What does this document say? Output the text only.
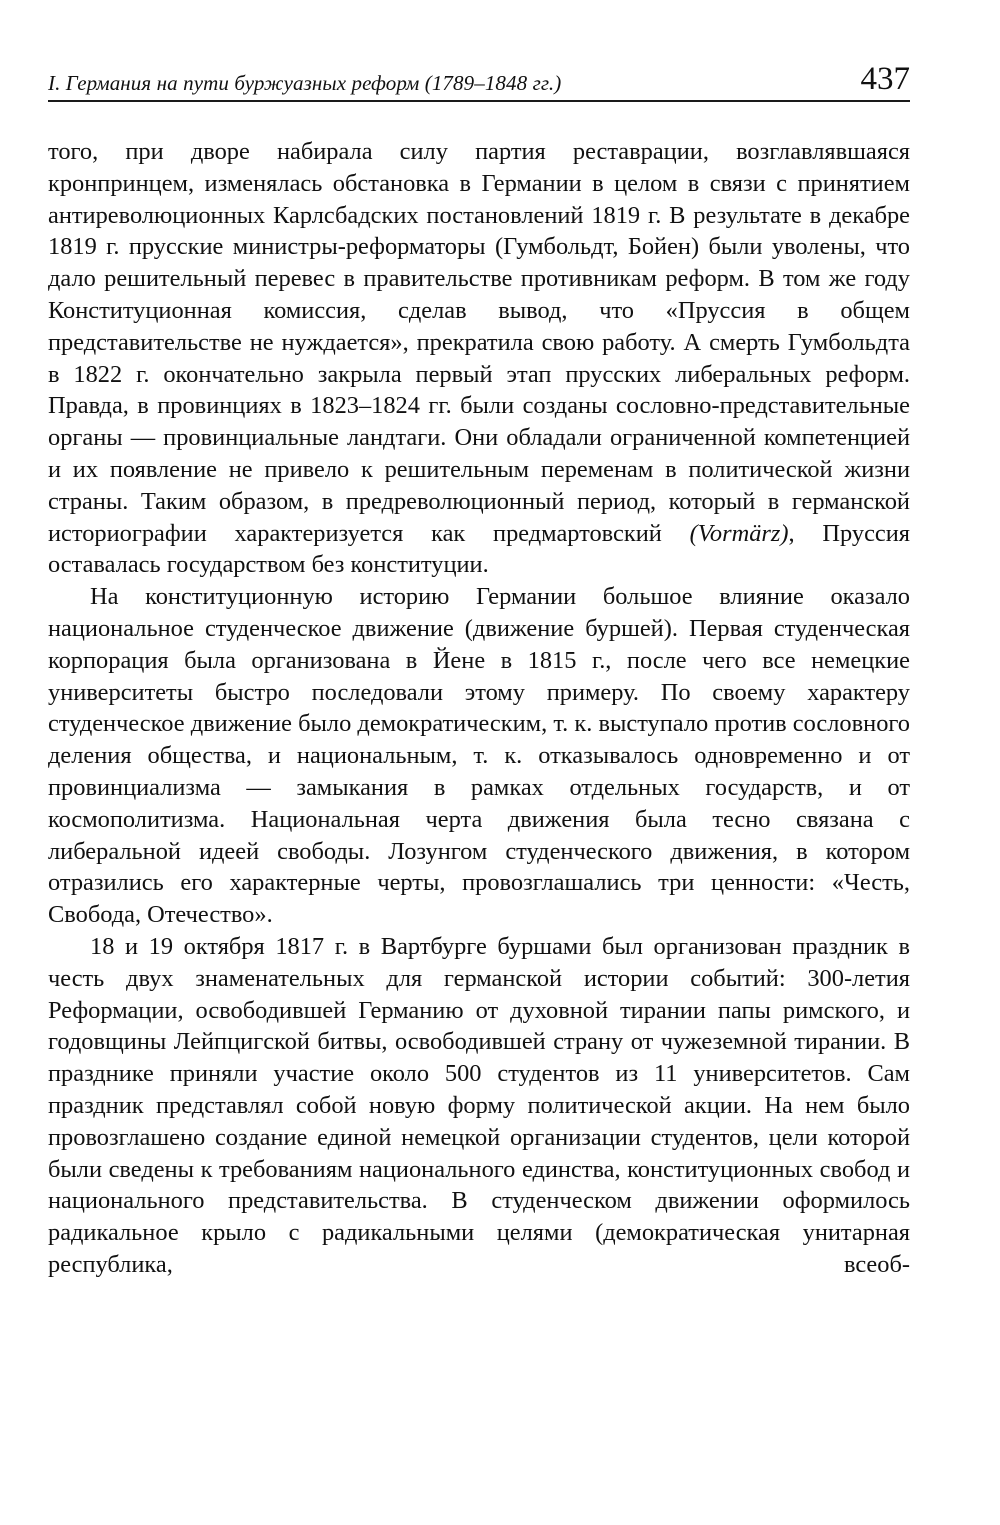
I. Германия на пути буржуазных реформ (1789–1848 гг.)	437

того, при дворе набирала силу партия реставрации, возглавлявшаяся кронпринцем, изменялась обстановка в Германии в целом в связи с принятием антиреволюционных Карлсбадских постановлений 1819 г. В результате в декабре 1819 г. прусские министры-реформаторы (Гумбольдт, Бойен) были уволены, что дало решительный перевес в правительстве противникам реформ. В том же году Конституционная комиссия, сделав вывод, что «Пруссия в общем представительстве не нуждается», прекратила свою работу. А смерть Гумбольдта в 1822 г. окончательно закрыла первый этап прусских либеральных реформ. Правда, в провинциях в 1823–1824 гг. были созданы сословно-представительные органы — провинциальные ландтаги. Они обладали ограниченной компетенцией и их появление не привело к решительным переменам в политической жизни страны. Таким образом, в предреволюционный период, который в германской историографии характеризуется как предмартовский (Vormärz), Пруссия оставалась государством без конституции.

На конституционную историю Германии большое влияние оказало национальное студенческое движение (движение буршей). Первая студенческая корпорация была организована в Йене в 1815 г., после чего все немецкие университеты быстро последовали этому примеру. По своему характеру студенческое движение было демократическим, т. к. выступало против сословного деления общества, и национальным, т. к. отказывалось одновременно и от провинциализма — замыкания в рамках отдельных государств, и от космополитизма. Национальная черта движения была тесно связана с либеральной идеей свободы. Лозунгом студенческого движения, в котором отразились его характерные черты, провозглашались три ценности: «Честь, Свобода, Отечество».

18 и 19 октября 1817 г. в Вартбурге буршами был организован праздник в честь двух знаменательных для германской истории событий: 300-летия Реформации, освободившей Германию от духовной тирании папы римского, и годовщины Лейпцигской битвы, освободившей страну от чужеземной тирании. В празднике приняли участие около 500 студентов из 11 университетов. Сам праздник представлял собой новую форму политической акции. На нем было провозглашено создание единой немецкой организации студентов, цели которой были сведены к требованиям национального единства, конституционных свобод и национального представительства. В студенческом движении оформилось радикальное крыло с радикальными целями (демократическая унитарная республика, всеоб-
